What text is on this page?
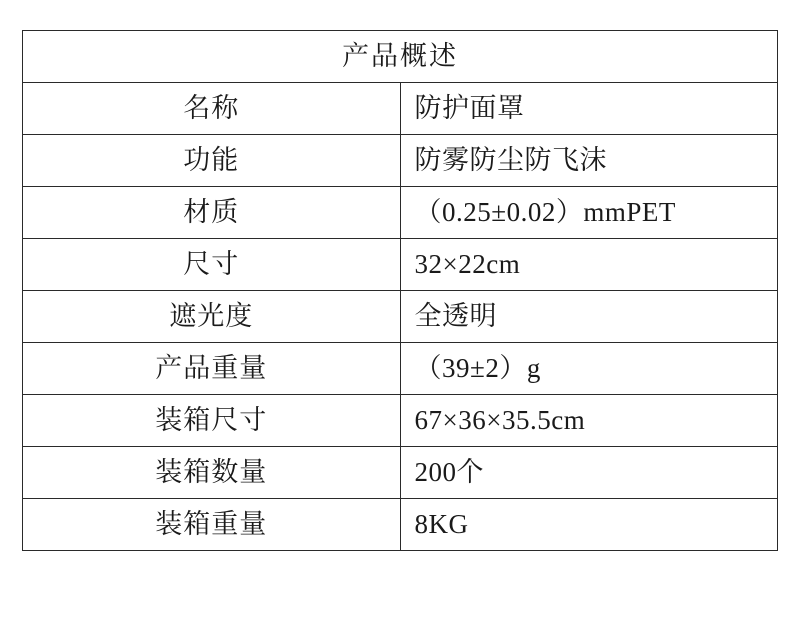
产品概述	
名称	防护面罩
功能	防雾防尘防飞沫
材质	（0.25±0.02）mmPET
尺寸	32×22cm
遮光度	全透明
产品重量	（39±2）g
装箱尺寸	67×36×35.5cm
装箱数量	200个
装箱重量	8KG
